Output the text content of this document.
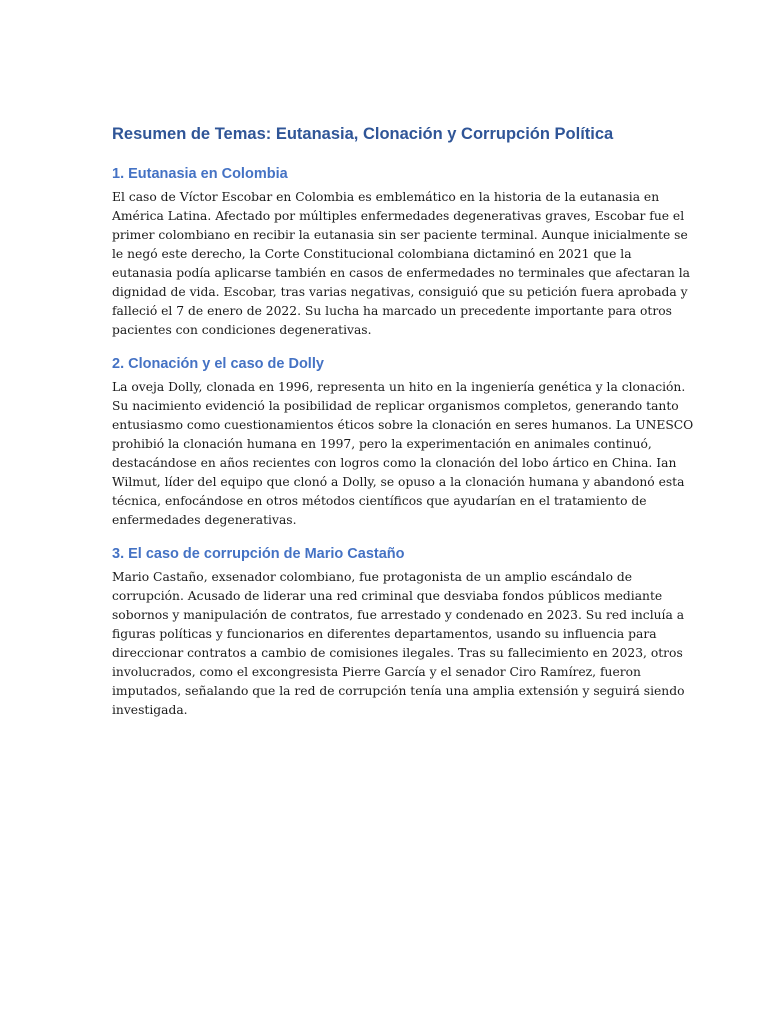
Resumen de Temas: Eutanasia, Clonación y Corrupción Política
1. Eutanasia en Colombia

El caso de Víctor Escobar en Colombia es emblemático en la historia de la eutanasia en
América Latina. Afectado por múltiples enfermedades degenerativas graves, Escobar fue el
primer colombiano en recibir la eutanasia sin ser paciente terminal. Aunque inicialmente se
le negó este derecho, la Corte Constitucional colombiana dictaminó en 2021 que la
eutanasia podía aplicarse también en casos de enfermedades no terminales que afectaran la
dignidad de vida. Escobar, tras varias negativas, consiguió que su petición fuera aprobada y
falleció el 7 de enero de 2022. Su lucha ha marcado un precedente importante para otros
pacientes con condiciones degenerativas.

2. Clonación y el caso de Dolly

La oveja Dolly, clonada en 1996, representa un hito en la ingeniería genética y la clonación.
Su nacimiento evidenció la posibilidad de replicar organismos completos, generando tanto
entusiasmo como cuestionamientos éticos sobre la clonación en seres humanos. La UNESCO
prohibió la clonación humana en 1997, pero la experimentación en animales continuó,
destacándose en años recientes con logros como la clonación del lobo ártico en China. Ian
Wilmut, líder del equipo que clonó a Dolly, se opuso a la clonación humana y abandonó esta
técnica, enfocándose en otros métodos científicos que ayudarían en el tratamiento de
enfermedades degenerativas.

3. El caso de corrupción de Mario Castaño

Mario Castaño, exsenador colombiano, fue protagonista de un amplio escándalo de
corrupción. Acusado de liderar una red criminal que desviaba fondos públicos mediante
sobornos y manipulación de contratos, fue arrestado y condenado en 2023. Su red incluía a
figuras políticas y funcionarios en diferentes departamentos, usando su influencia para
direccionar contratos a cambio de comisiones ilegales. Tras su fallecimiento en 2023, otros
involucrados, como el excongresista Pierre García y el senador Ciro Ramírez, fueron
imputados, señalando que la red de corrupción tenía una amplia extensión y seguirá siendo
investigada.
